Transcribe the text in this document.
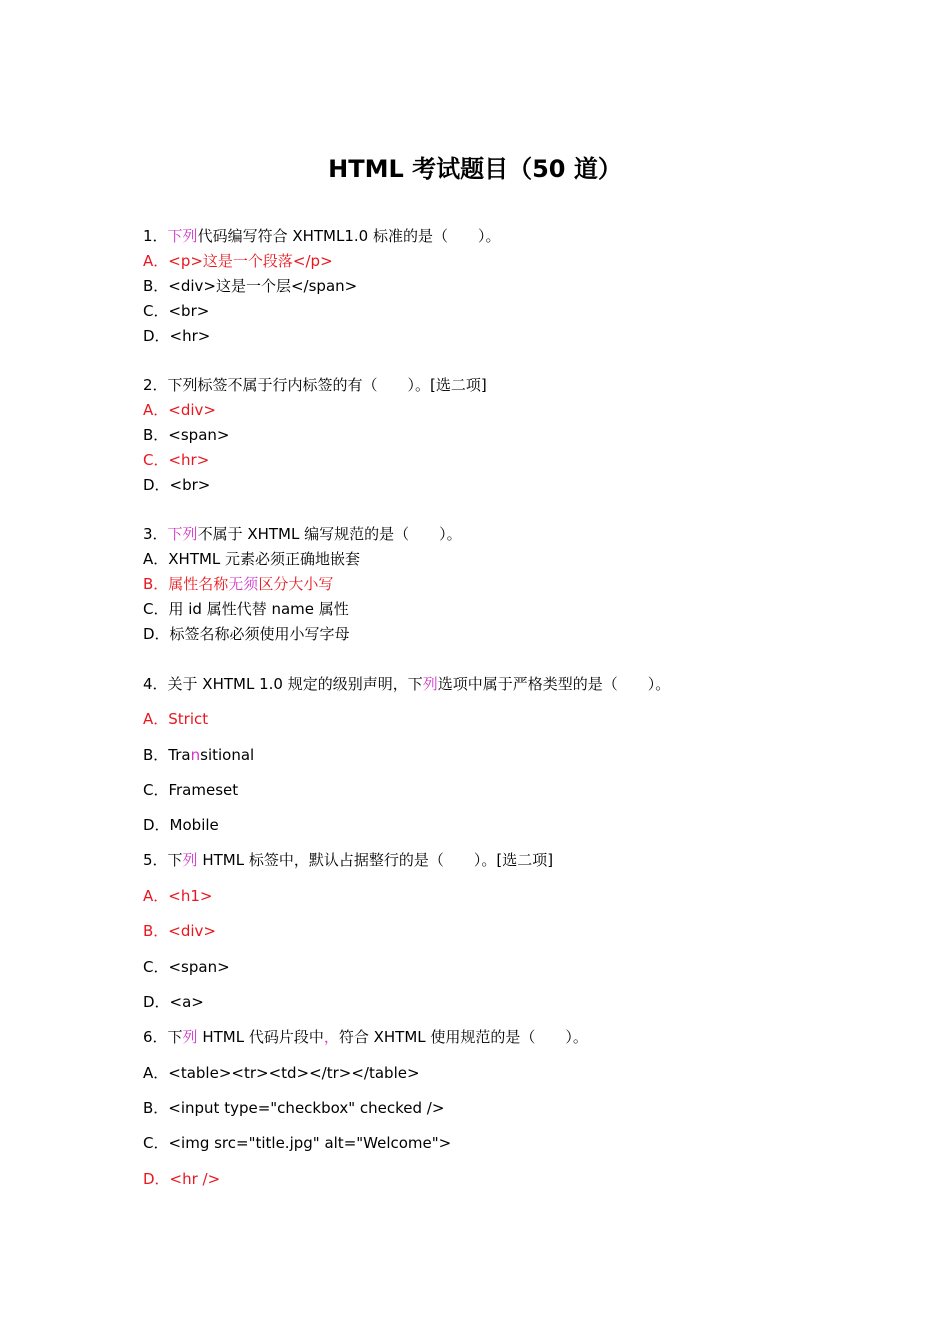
HTML 考试题目（50 道）
1．下列代码编写符合 XHTML1.0 标准的是（　　）。
A．<p>这是一个段落</p>
B．<div>这是一个层</span>
C．<br>
D．<hr>
2．下列标签不属于行内标签的有（　　）。[选二项]
A．<div>
B．<span>
C．<hr>
D．<br>
3．下列不属于 XHTML 编写规范的是（　　）。
A．XHTML 元素必须正确地嵌套
B．属性名称无须区分大小写
C．用 id 属性代替 name 属性
D．标签名称必须使用小写字母
4．关于 XHTML 1.0 规定的级别声明，下列选项中属于严格类型的是（　　）。
A．Strict
B．Transitional
C．Frameset
D．Mobile
5．下列 HTML 标签中，默认占据整行的是（　　）。[选二项]
A．<h1>
B．<div>
C．<span>
D．<a>
6．下列 HTML 代码片段中，符合 XHTML 使用规范的是（　　）。
A．<table><tr><td></tr></table>
B．<input type="checkbox" checked />
C．<img src="title.jpg" alt="Welcome">
D．<hr />
